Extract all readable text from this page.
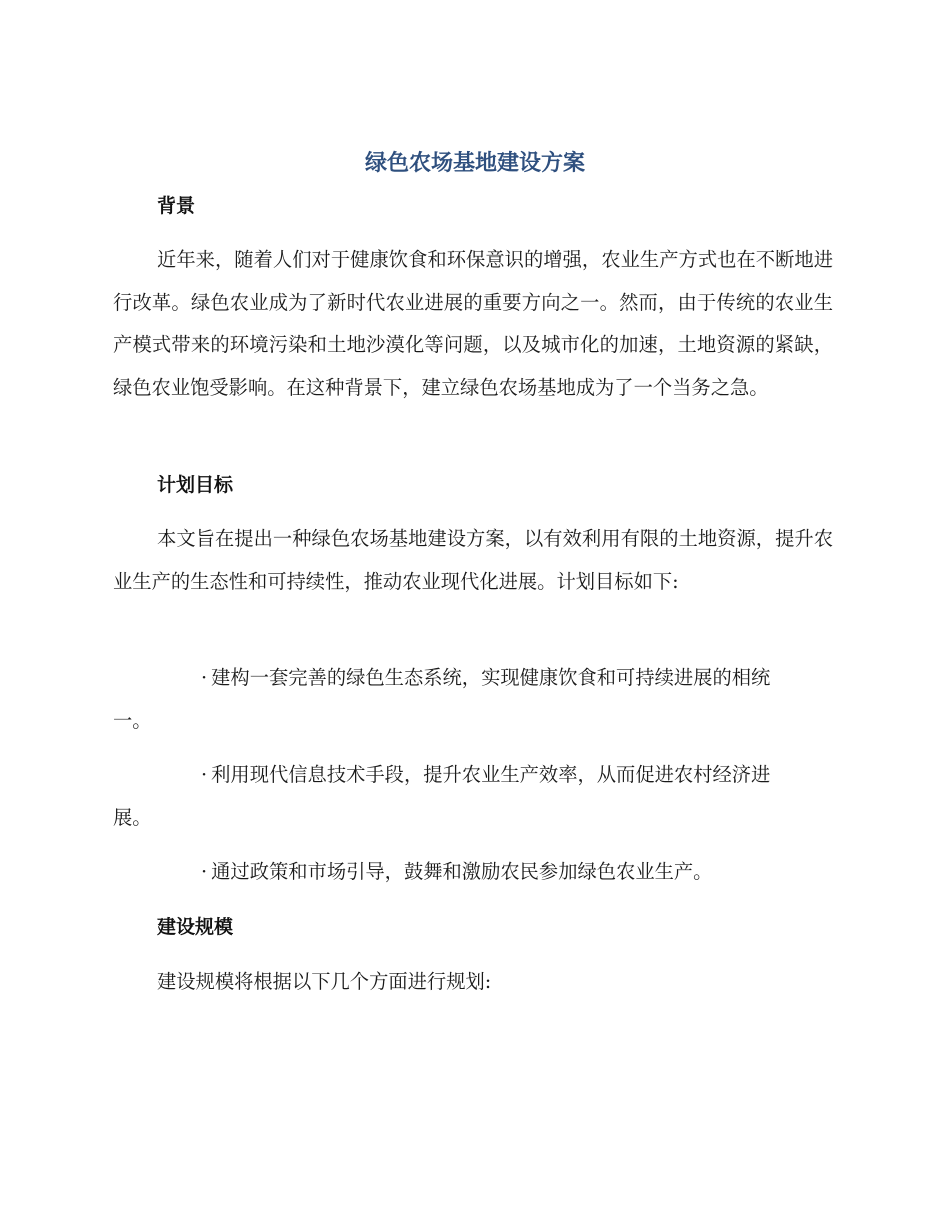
绿色农场基地建设方案
背景

近年来，随着人们对于健康饮食和环保意识的增强，农业生产方式也在不断地进行改革。绿色农业成为了新时代农业进展的重要方向之一。然而，由于传统的农业生产模式带来的环境污染和土地沙漠化等问题，以及城市化的加速，土地资源的紧缺，绿色农业饱受影响。在这种背景下，建立绿色农场基地成为了一个当务之急。

计划目标

本文旨在提出一种绿色农场基地建设方案，以有效利用有限的土地资源，提升农业生产的生态性和可持续性，推动农业现代化进展。计划目标如下:

· 建构一套完善的绿色生态系统，实现健康饮食和可持续进展的相统一。

· 利用现代信息技术手段，提升农业生产效率，从而促进农村经济进展。

· 通过政策和市场引导，鼓舞和激励农民参加绿色农业生产。

建设规模

建设规模将根据以下几个方面进行规划:
